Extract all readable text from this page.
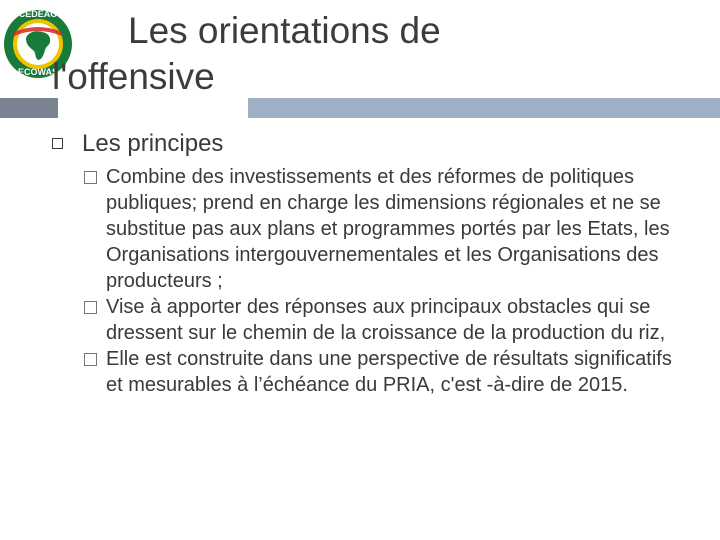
CEDEAO
ECOWAS
Les orientations de
l'offensive
Les principes
Combine des investissements et des réformes de politiques publiques; prend en charge les dimensions régionales et ne se substitue pas aux plans et programmes portés par les Etats, les Organisations intergouvernementales et les Organisations des producteurs ;
Vise à apporter des réponses aux principaux obstacles qui se dressent sur le chemin de la croissance de la production du riz,
Elle est construite dans une perspective de résultats significatifs et mesurables à l’échéance du PRIA, c'est -à-dire de 2015.
